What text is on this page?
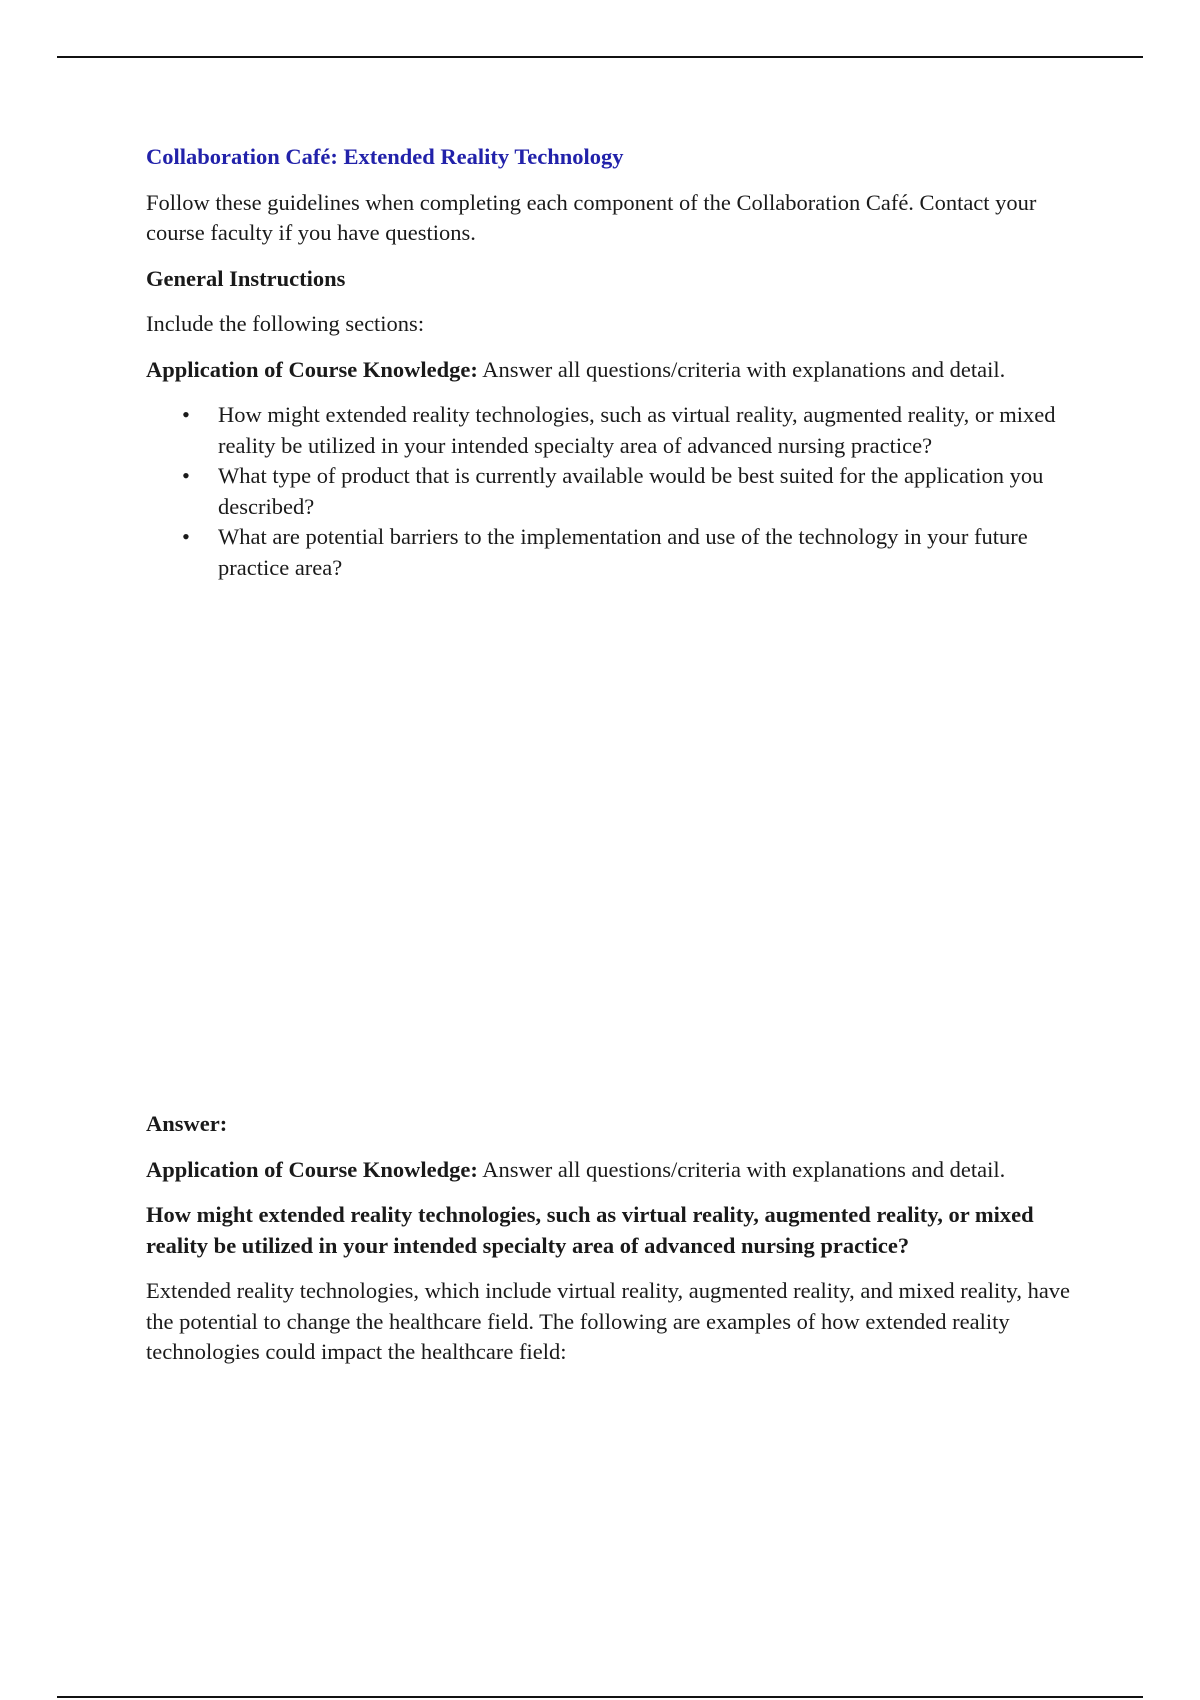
Collaboration Café: Extended Reality Technology

Follow these guidelines when completing each component of the Collaboration Café. Contact your course faculty if you have questions.

General Instructions

Include the following sections:

Application of Course Knowledge: Answer all questions/criteria with explanations and detail.

• How might extended reality technologies, such as virtual reality, augmented reality, or mixed reality be utilized in your intended specialty area of advanced nursing practice?
• What type of product that is currently available would be best suited for the application you described?
• What are potential barriers to the implementation and use of the technology in your future practice area?

Answer:

Application of Course Knowledge: Answer all questions/criteria with explanations and detail.

How might extended reality technologies, such as virtual reality, augmented reality, or mixed reality be utilized in your intended specialty area of advanced nursing practice?

Extended reality technologies, which include virtual reality, augmented reality, and mixed reality, have the potential to change the healthcare field. The following are examples of how extended reality technologies could impact the healthcare field:
